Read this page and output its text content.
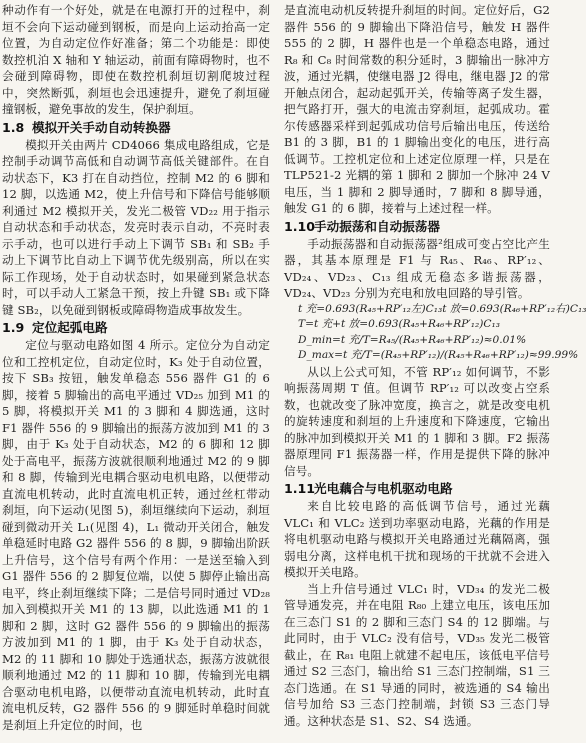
种动作有一个好处，就是在电源打开的过程中，刹垣不会向下运动碰到钢板，而是向上运动抬高一定位置，为自动定位作好准备；第二个功能是：即使数控机泊 X 轴和 Y 轴运动，前面有障碍物时，也不会碰到障碍物，即使在数控机刹垣切割爬坡过程中，突然断弧，刹垣也会迅速提升，避免了刹垣碰撞钢板，避免事故的发生，保护刹垣。

1.8 模拟开关手动自动转换器

模拟开关由两片 CD4066 集成电路组成，它是控制手动调节高低和自动调节高低关键部件。在自动状态下，K3 打在自动挡位，控制 M2 的 6 脚和 12 脚，以选通 M2，使上升信号和下降信号能够顺利通过 M2 模拟开关，发光二极管 VD₂₂ 用于指示自动状态和手动状态，发亮时表示自动，不亮时表示手动，也可以进行手动上下调节 SB₁ 和 SB₂ 手动上下调节比自动上下调节优先级别高，所以在实际工作现场，处于自动状态时，如果碰到紧急状态时，可以手动人工紧急干预，按上升键 SB₁ 或下降键 SB₂，以免碰到钢板或障碍物造成事故发生。

1.9 定位起弧电路

定位与驱动电路如图 4 所示。定位分为自动定位和工控机定位，自动定位时，K₃ 处于自动位置，按下 SB₃ 按钮，触发单稳态 556 器件 G1 的 6 脚，接着 5 脚输出的高电平通过 VD₂₅ 加到 M1 的 5 脚，将模拟开关 M1 的 3 脚和 4 脚选通，这时 F1 器件 556 的 9 脚输出的振荡方波加到 M1 的 3 脚，由于 K₃ 处于自动状态，M2 的 6 脚和 12 脚处于高电平，振荡方波就很顺利地通过 M2 的 9 脚和 8 脚，传输到光电耦合驱动电机电路，以便带动直流电机转动，此时直流电机正转，通过丝杠带动刹垣，向下运动(见图 5)，刹垣继续向下运动，刹垣碰到微动开关 L₁(见图 4)，L₁ 微动开关闭合，触发单稳延时电路 G2 器件 556 的 8 脚，9 脚输出阶跃上升信号，这个信号有两个作用：一是送至输入到 G1 器件 556 的 2 脚复位端，以使 5 脚停止输出高电平，终止刹垣继续下降；二是信号同时通过 VD₂₈ 加入到模拟开关 M1 的 13 脚，以此选通 M1 的 1 脚和 2 脚，这时 G2 器件 556 的 9 脚输出的振荡方波加到 M1 的 1 脚，由于 K₃ 处于自动状态，M2 的 11 脚和 10 脚处于选通状态，振荡方波就很顺利地通过 M2 的 11 脚和 10 脚，传输到光电耦合驱动电机电路，以便带动直流电机转动，此时直流电机反转，G2 器件 556 的 9 脚延时单稳时间就是刹垣上升定位的时间，也

是直流电动机反转提升刹垣的时间。定位好后，G2 器件 556 的 9 脚输出下降沿信号，触发 H 器件 555 的 2 脚，H 器件也是一个单稳态电路，通过 R₈ 和 C₈ 时间常数的积分延时，3 脚输出一脉冲方波，通过光耦，使继电器 J2 得电，继电器 J2 的常开触点闭合，起动起弧开关，传输等离子发生器，把气路打开，强大的电流击穿刹垣，起弧成功。霍尔传感器采样到起弧成功信号后输出电压，传送给 B1 的 3 脚，B1 的 1 脚输出变化的电压，进行高低调节。工控机定位和上述定位原理一样，只是在 TLP521-2 光耦的第 1 脚和 2 脚加一个脉冲 24 V 电压，当 1 脚和 2 脚导通时，7 脚和 8 脚导通，触发 G1 的 6 脚，接着与上述过程一样。

1.10手动振荡和自动振荡器

手动振荡器和自动振荡器²组成可变占空比产生器，其基本原理是 F1 与 R₄₅、R₄₆、RP′₁₂、VD₂₄、VD₂₃、C₁₃ 组成无稳态多谐振荡器，VD₂₄、VD₂₃ 分别为充电和放电回路的导引管。

t 充=0.693(R₄₅+RP′₁₂左)C₁₃t 放=0.693(R₄₆+RP′₁₂右)C₁₃

T=t 充+t 放=0.693(R₄₅+R₄₆+RP′₁₂)C₁₃

D_min=t 充/T=R₄₅/(R₄₅+R₄₆+RP′₁₂)≈0.01%

D_max=t 充/T=(R₄₅+RP′₁₂)/(R₄₅+R₄₆+RP′₁₂)≈99.99%

从以上公式可知，不管 RP′₁₂ 如何调节，不影响振荡周期 T 值。但调节 RP′₁₂ 可以改变占空系数，也就改变了脉冲宽度，换言之，就是改变电机的旋转速度和刹垣的上升速度和下降速度，它输出的脉冲加到模拟开关 M1 的 1 脚和 3 脚。F2 振荡器原理同 F1 振荡器一样，作用是提供下降的脉冲信号。

1.11光电藕合与电机驱动电路

来自比较电路的高低调节信号，通过光藕 VLC₁ 和 VLC₂ 送到功率驱动电路，光藕的作用是将电机驱动电路与模拟开关电路通过光藕隔离，强弱电分离，这样电机干扰和现场的干扰就不会进入模拟开关电路。

当上升信号通过 VLC₁ 时，VD₃₄ 的发光二极管导通发亮，并在电阻 R₈₀ 上建立电压，该电压加在三态门 S1 的 2 脚和三态门 S4 的 12 脚端。与此同时，由于 VLC₂ 没有信号，VD₃₅ 发光二极管截止，在 R₈₁ 电阻上就建不起电压，该低电平信号通过 S2 三态门，输出给 S1 三态门控制端，S1 三态门选通。在 S1 导通的同时，被选通的 S4 输出信号加给 S3 三态门控制端，封锁 S3 三态门导通。这种状态是 S1、S2、S4 选通。
